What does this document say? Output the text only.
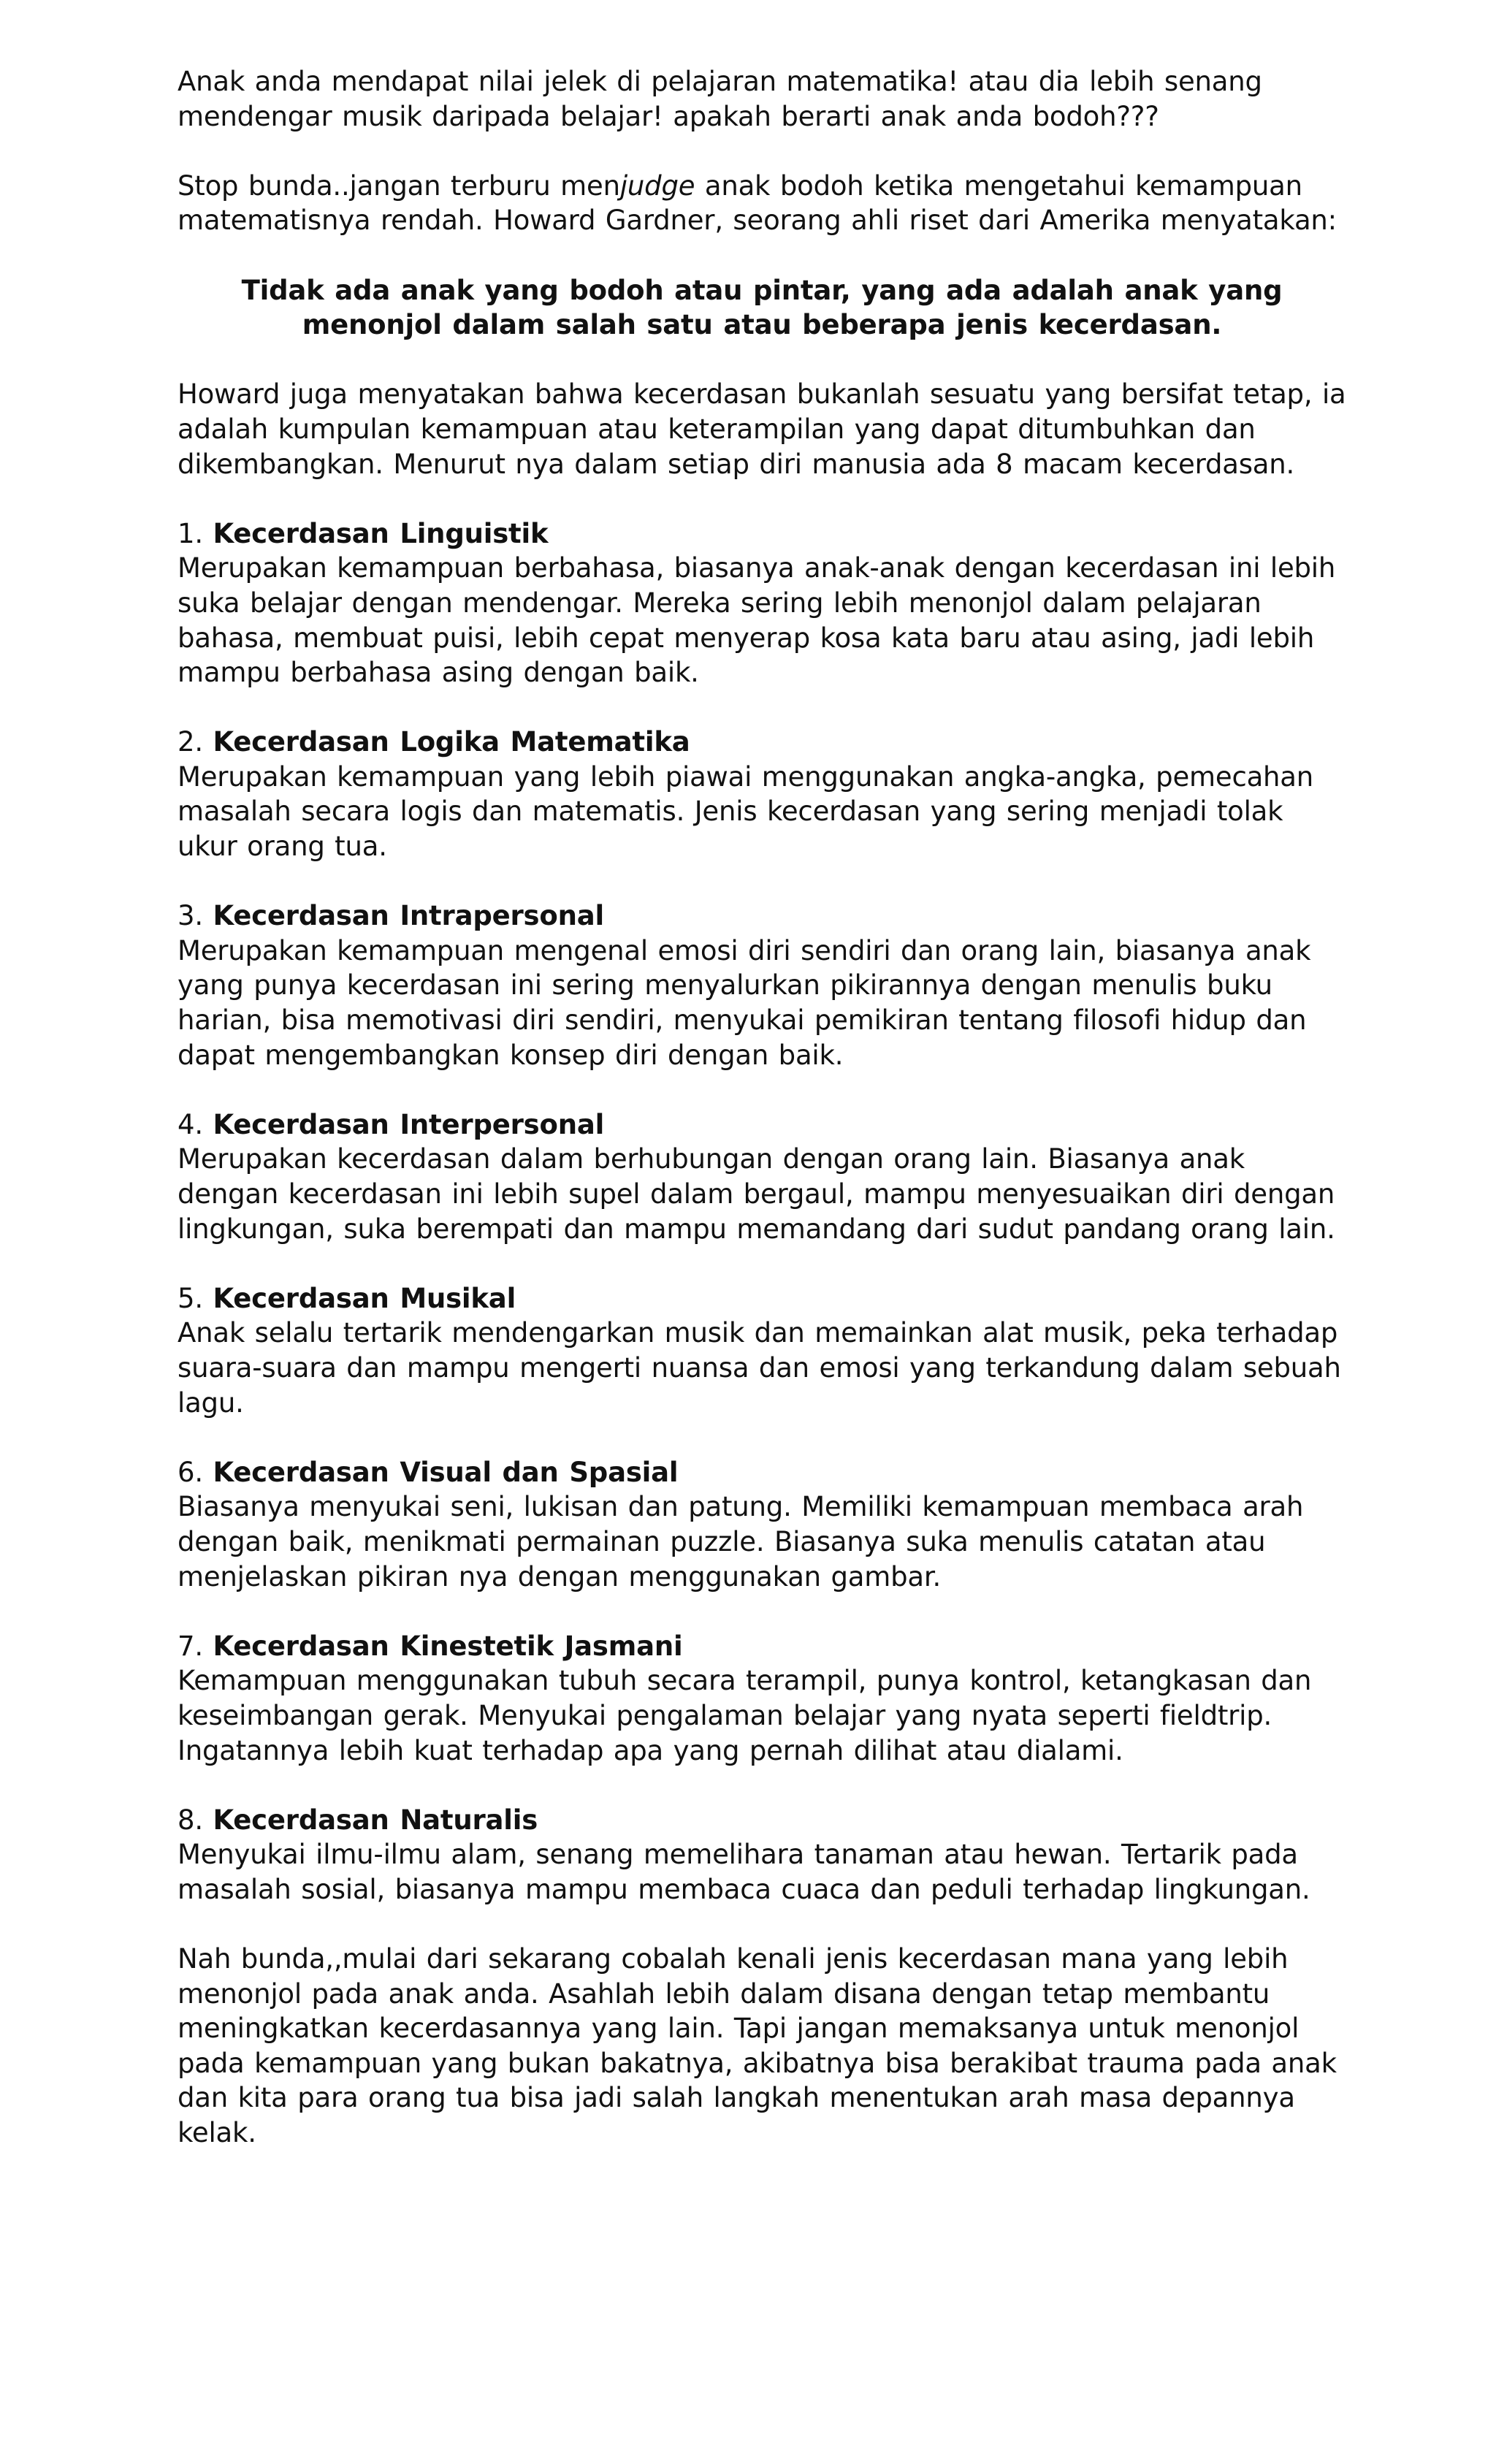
Anak anda mendapat nilai jelek di pelajaran matematika! atau dia lebih senang mendengar musik daripada belajar! apakah berarti anak anda bodoh???

Stop bunda..jangan terburu menjudge anak bodoh ketika mengetahui kemampuan matematisnya rendah. Howard Gardner, seorang ahli riset dari Amerika menyatakan:

Tidak ada anak yang bodoh atau pintar, yang ada adalah anak yang menonjol dalam salah satu atau beberapa jenis kecerdasan.

Howard juga menyatakan bahwa kecerdasan bukanlah sesuatu yang bersifat tetap, ia adalah kumpulan kemampuan atau keterampilan yang dapat ditumbuhkan dan dikembangkan. Menurut nya dalam setiap diri manusia ada 8 macam kecerdasan.

1. Kecerdasan Linguistik

Merupakan kemampuan berbahasa, biasanya anak-anak dengan kecerdasan ini lebih suka belajar dengan mendengar. Mereka sering lebih menonjol dalam pelajaran bahasa, membuat puisi, lebih cepat menyerap kosa kata baru atau asing, jadi lebih mampu berbahasa asing dengan baik.

2. Kecerdasan Logika Matematika

Merupakan kemampuan yang lebih piawai menggunakan angka-angka, pemecahan masalah secara logis dan matematis. Jenis kecerdasan yang sering menjadi tolak ukur orang tua.

3. Kecerdasan Intrapersonal

Merupakan kemampuan mengenal emosi diri sendiri dan orang lain, biasanya anak yang punya kecerdasan ini sering menyalurkan pikirannya dengan menulis buku harian, bisa memotivasi diri sendiri, menyukai pemikiran tentang filosofi hidup dan dapat mengembangkan konsep diri dengan baik.

4. Kecerdasan Interpersonal

Merupakan kecerdasan dalam berhubungan dengan orang lain. Biasanya anak dengan kecerdasan ini lebih supel dalam bergaul, mampu menyesuaikan diri dengan lingkungan, suka berempati dan mampu memandang dari sudut pandang orang lain.

5. Kecerdasan Musikal

Anak selalu tertarik mendengarkan musik dan memainkan alat musik, peka terhadap suara-suara dan mampu mengerti nuansa dan emosi yang terkandung dalam sebuah lagu.

6. Kecerdasan Visual dan Spasial

Biasanya menyukai seni, lukisan dan patung. Memiliki kemampuan membaca arah dengan baik, menikmati permainan puzzle. Biasanya suka menulis catatan atau menjelaskan pikiran nya dengan menggunakan gambar.

7. Kecerdasan Kinestetik Jasmani

Kemampuan menggunakan tubuh secara terampil, punya kontrol, ketangkasan dan keseimbangan gerak. Menyukai pengalaman belajar yang nyata seperti fieldtrip. Ingatannya lebih kuat terhadap apa yang pernah dilihat atau dialami.

8. Kecerdasan Naturalis

Menyukai ilmu-ilmu alam, senang memelihara tanaman atau hewan. Tertarik pada masalah sosial, biasanya mampu membaca cuaca dan peduli terhadap lingkungan.

Nah bunda,,mulai dari sekarang cobalah kenali jenis kecerdasan mana yang lebih menonjol pada anak anda. Asahlah lebih dalam disana dengan tetap membantu meningkatkan kecerdasannya yang lain. Tapi jangan memaksanya untuk menonjol pada kemampuan yang bukan bakatnya, akibatnya bisa berakibat trauma pada anak dan kita para orang tua bisa jadi salah langkah menentukan arah masa depannya kelak.
